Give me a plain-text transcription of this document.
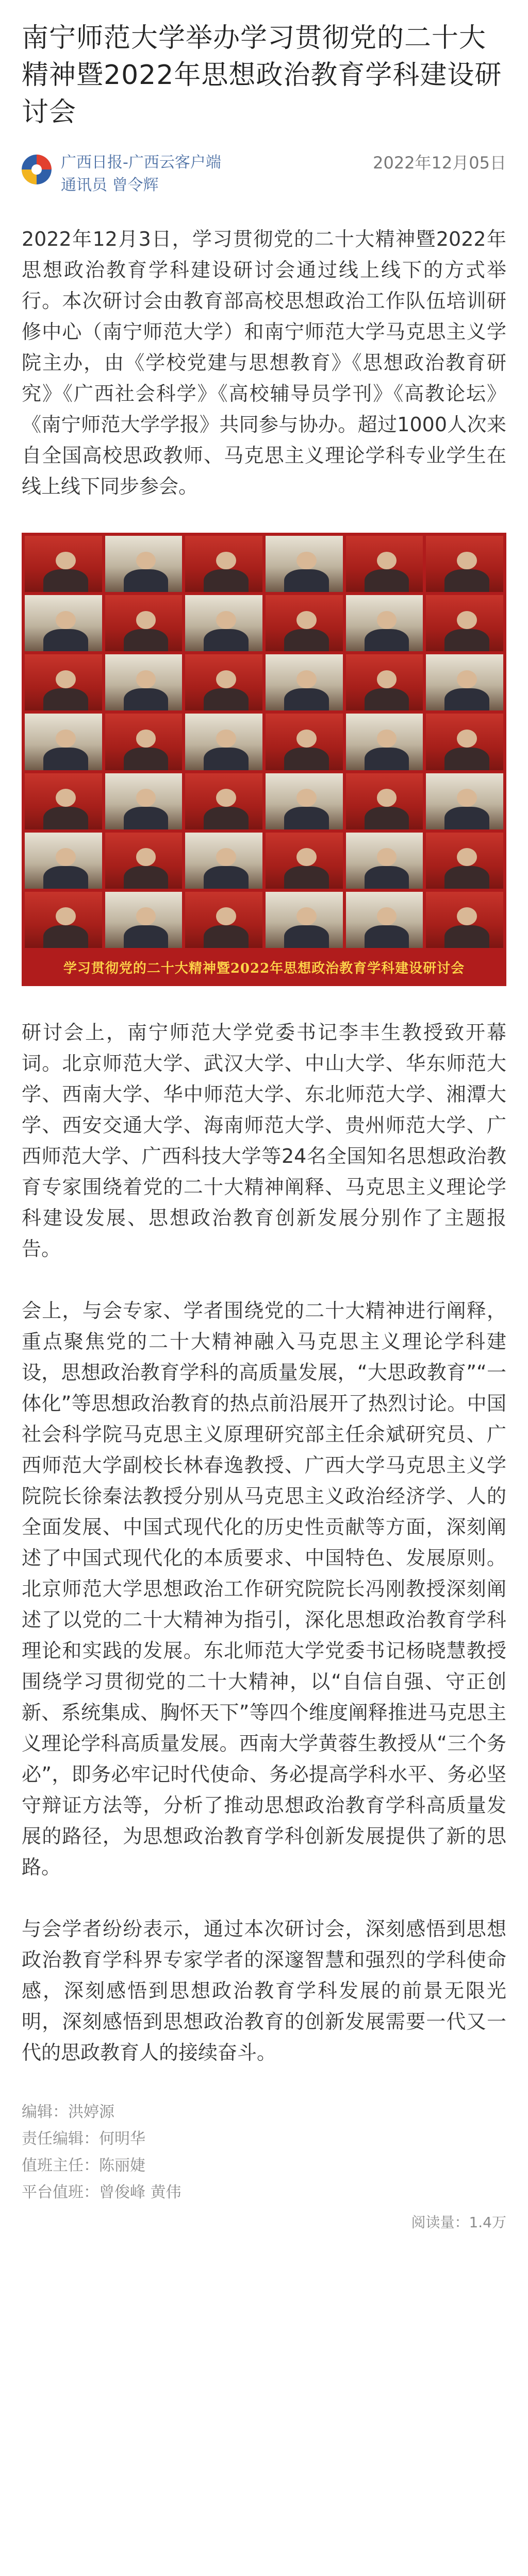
南宁师范大学举办学习贯彻党的二十大精神暨2022年思想政治教育学科建设研讨会
广西日报-广西云客户端	2022年12月05日
通讯员 曾令辉

2022年12月3日，学习贯彻党的二十大精神暨2022年思想政治教育学科建设研讨会通过线上线下的方式举行。本次研讨会由教育部高校思想政治工作队伍培训研修中心（南宁师范大学）和南宁师范大学马克思主义学院主办，由《学校党建与思想教育》《思想政治教育研究》《广西社会科学》《高校辅导员学刊》《高教论坛》《南宁师范大学学报》共同参与协办。超过1000人次来自全国高校思政教师、马克思主义理论学科专业学生在线上线下同步参会。

学习贯彻党的二十大精神暨2022年思想政治教育学科建设研讨会

研讨会上，南宁师范大学党委书记李丰生教授致开幕词。北京师范大学、武汉大学、中山大学、华东师范大学、西南大学、华中师范大学、东北师范大学、湘潭大学、西安交通大学、海南师范大学、贵州师范大学、广西师范大学、广西科技大学等24名全国知名思想政治教育专家围绕着党的二十大精神阐释、马克思主义理论学科建设发展、思想政治教育创新发展分别作了主题报告。

会上，与会专家、学者围绕党的二十大精神进行阐释，重点聚焦党的二十大精神融入马克思主义理论学科建设，思想政治教育学科的高质量发展，“大思政教育”“一体化”等思想政治教育的热点前沿展开了热烈讨论。中国社会科学院马克思主义原理研究部主任余斌研究员、广西师范大学副校长林春逸教授、广西大学马克思主义学院院长徐秦法教授分别从马克思主义政治经济学、人的全面发展、中国式现代化的历史性贡献等方面，深刻阐述了中国式现代化的本质要求、中国特色、发展原则。北京师范大学思想政治工作研究院院长冯刚教授深刻阐述了以党的二十大精神为指引，深化思想政治教育学科理论和实践的发展。东北师范大学党委书记杨晓慧教授围绕学习贯彻党的二十大精神，以“自信自强、守正创新、系统集成、胸怀天下”等四个维度阐释推进马克思主义理论学科高质量发展。西南大学黄蓉生教授从“三个务必”，即务必牢记时代使命、务必提高学科水平、务必坚守辩证方法等，分析了推动思想政治教育学科高质量发展的路径，为思想政治教育学科创新发展提供了新的思路。

与会学者纷纷表示，通过本次研讨会，深刻感悟到思想政治教育学科界专家学者的深邃智慧和强烈的学科使命感，深刻感悟到思想政治教育学科发展的前景无限光明，深刻感悟到思想政治教育的创新发展需要一代又一代的思政教育人的接续奋斗。

编辑：洪婷源
责任编辑：何明华
值班主任：陈丽婕
平台值班：曾俊峰 黄伟
阅读量：1.4万
